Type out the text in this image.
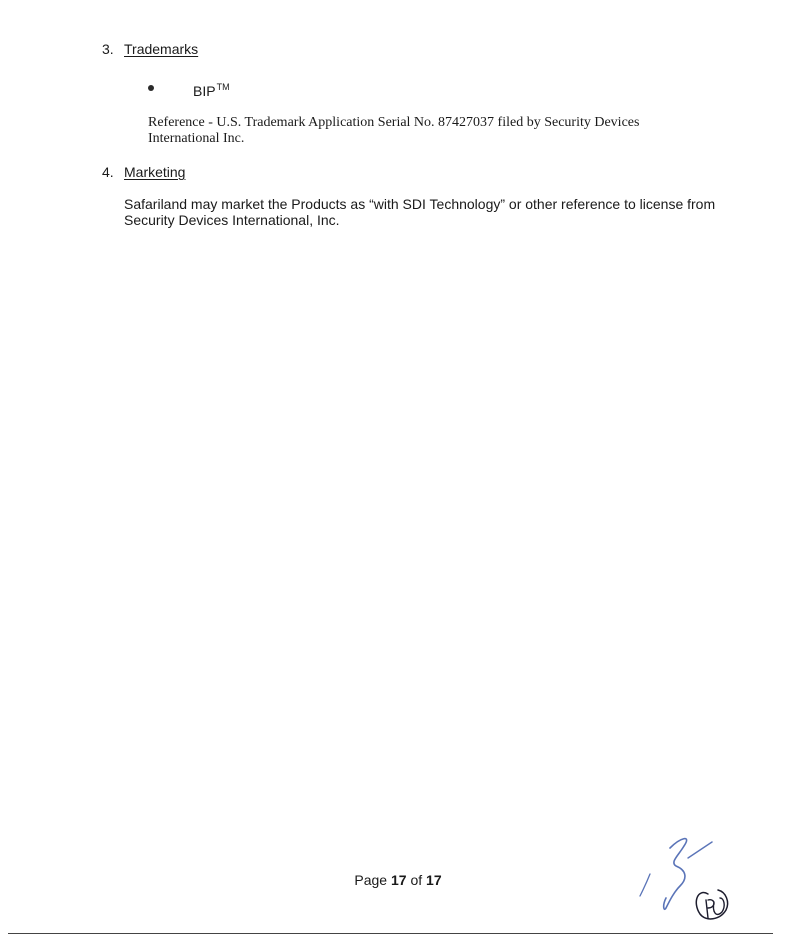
3. Trademarks
BIP™
Reference - U.S. Trademark Application Serial No. 87427037 filed by Security Devices International Inc.
4. Marketing
Safariland may market the Products as “with SDI Technology” or other reference to license from Security Devices International, Inc.
Page 17 of 17
